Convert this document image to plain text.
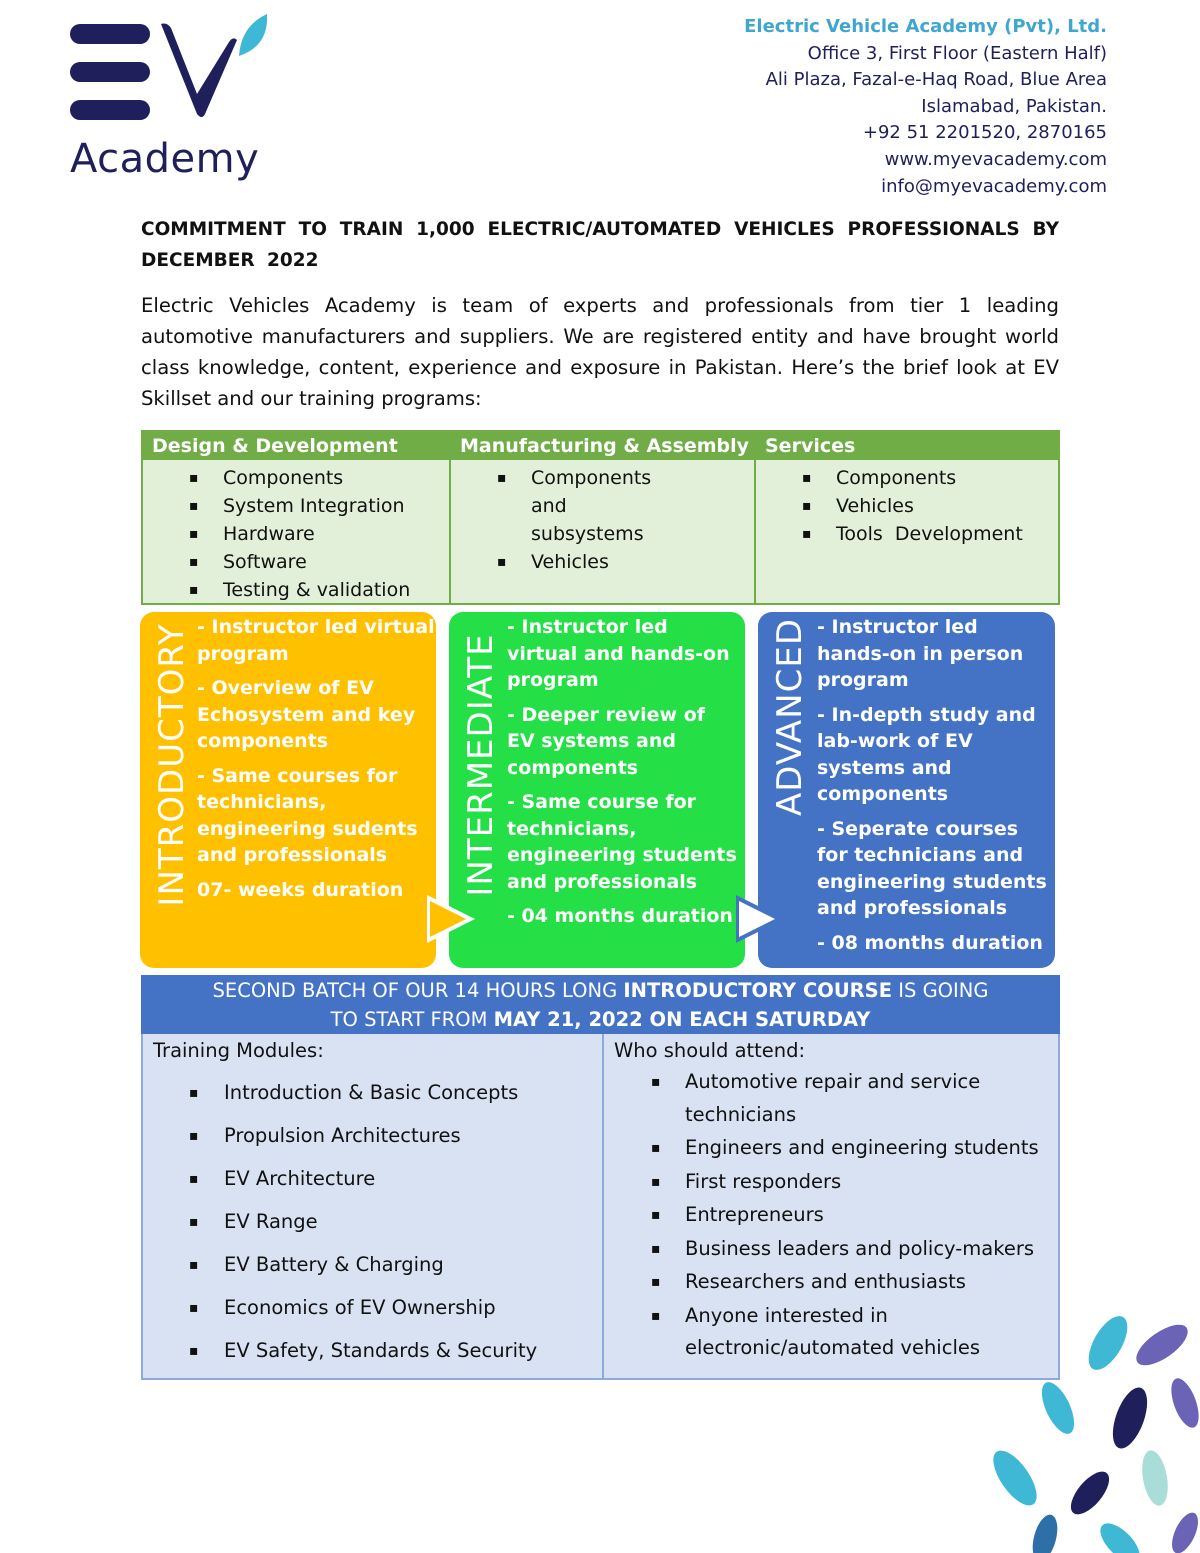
Academy
Electric Vehicle Academy (Pvt), Ltd.
Office 3, First Floor (Eastern Half)
Ali Plaza, Fazal-e-Haq Road, Blue Area
Islamabad, Pakistan.
+92 51 2201520, 2870165
www.myevacademy.com
info@myevacademy.com
COMMITMENT TO TRAIN 1,000 ELECTRIC/AUTOMATED VEHICLES PROFESSIONALS BY DECEMBER 2022
Electric Vehicles Academy is team of experts and professionals from tier 1 leading automotive manufacturers and suppliers. We are registered entity and have brought world class knowledge, content, experience and exposure in Pakistan. Here’s the brief look at EV Skillset and our training programs:
Design & Development
▪ Components
▪ System Integration
▪ Hardware
▪ Software
▪ Testing & validation
Manufacturing & Assembly
▪ Components and subsystems
▪ Vehicles
Services
▪ Components
▪ Vehicles
▪ Tools  Development
INTRODUCTORY - Instructor led virtual program

- Overview of EV Echosystem and key components

- Same courses for technicians, engineering sudents and professionals

07- weeks duration	INTERMEDIATE

- Instructor led virtual and hands-on program

- Deeper review of EV systems and components

- Same course for technicians, engineering students and professionals

- 04 months duration

ADVANCED - Instructor led hands-on in person program

- In-depth study and lab-work of EV systems and components

- Seperate courses for technicians and engineering students and professionals

- 08 months duration

SECOND BATCH OF OUR 14 HOURS LONG INTRODUCTORY COURSE IS GOING
TO START FROM MAY 21, 2022 ON EACH SATURDAY
Training Modules:
▪ Introduction & Basic Concepts
▪ Propulsion Architectures
▪ EV Architecture
▪ EV Range
▪ EV Battery & Charging
▪ Economics of EV Ownership
▪ EV Safety, Standards & Security
Who should attend:
▪ Automotive repair and service technicians
▪ Engineers and engineering students
▪ First responders
▪ Entrepreneurs
▪ Business leaders and policy-makers
▪ Researchers and enthusiasts
▪ Anyone interested in electronic/automated vehicles
